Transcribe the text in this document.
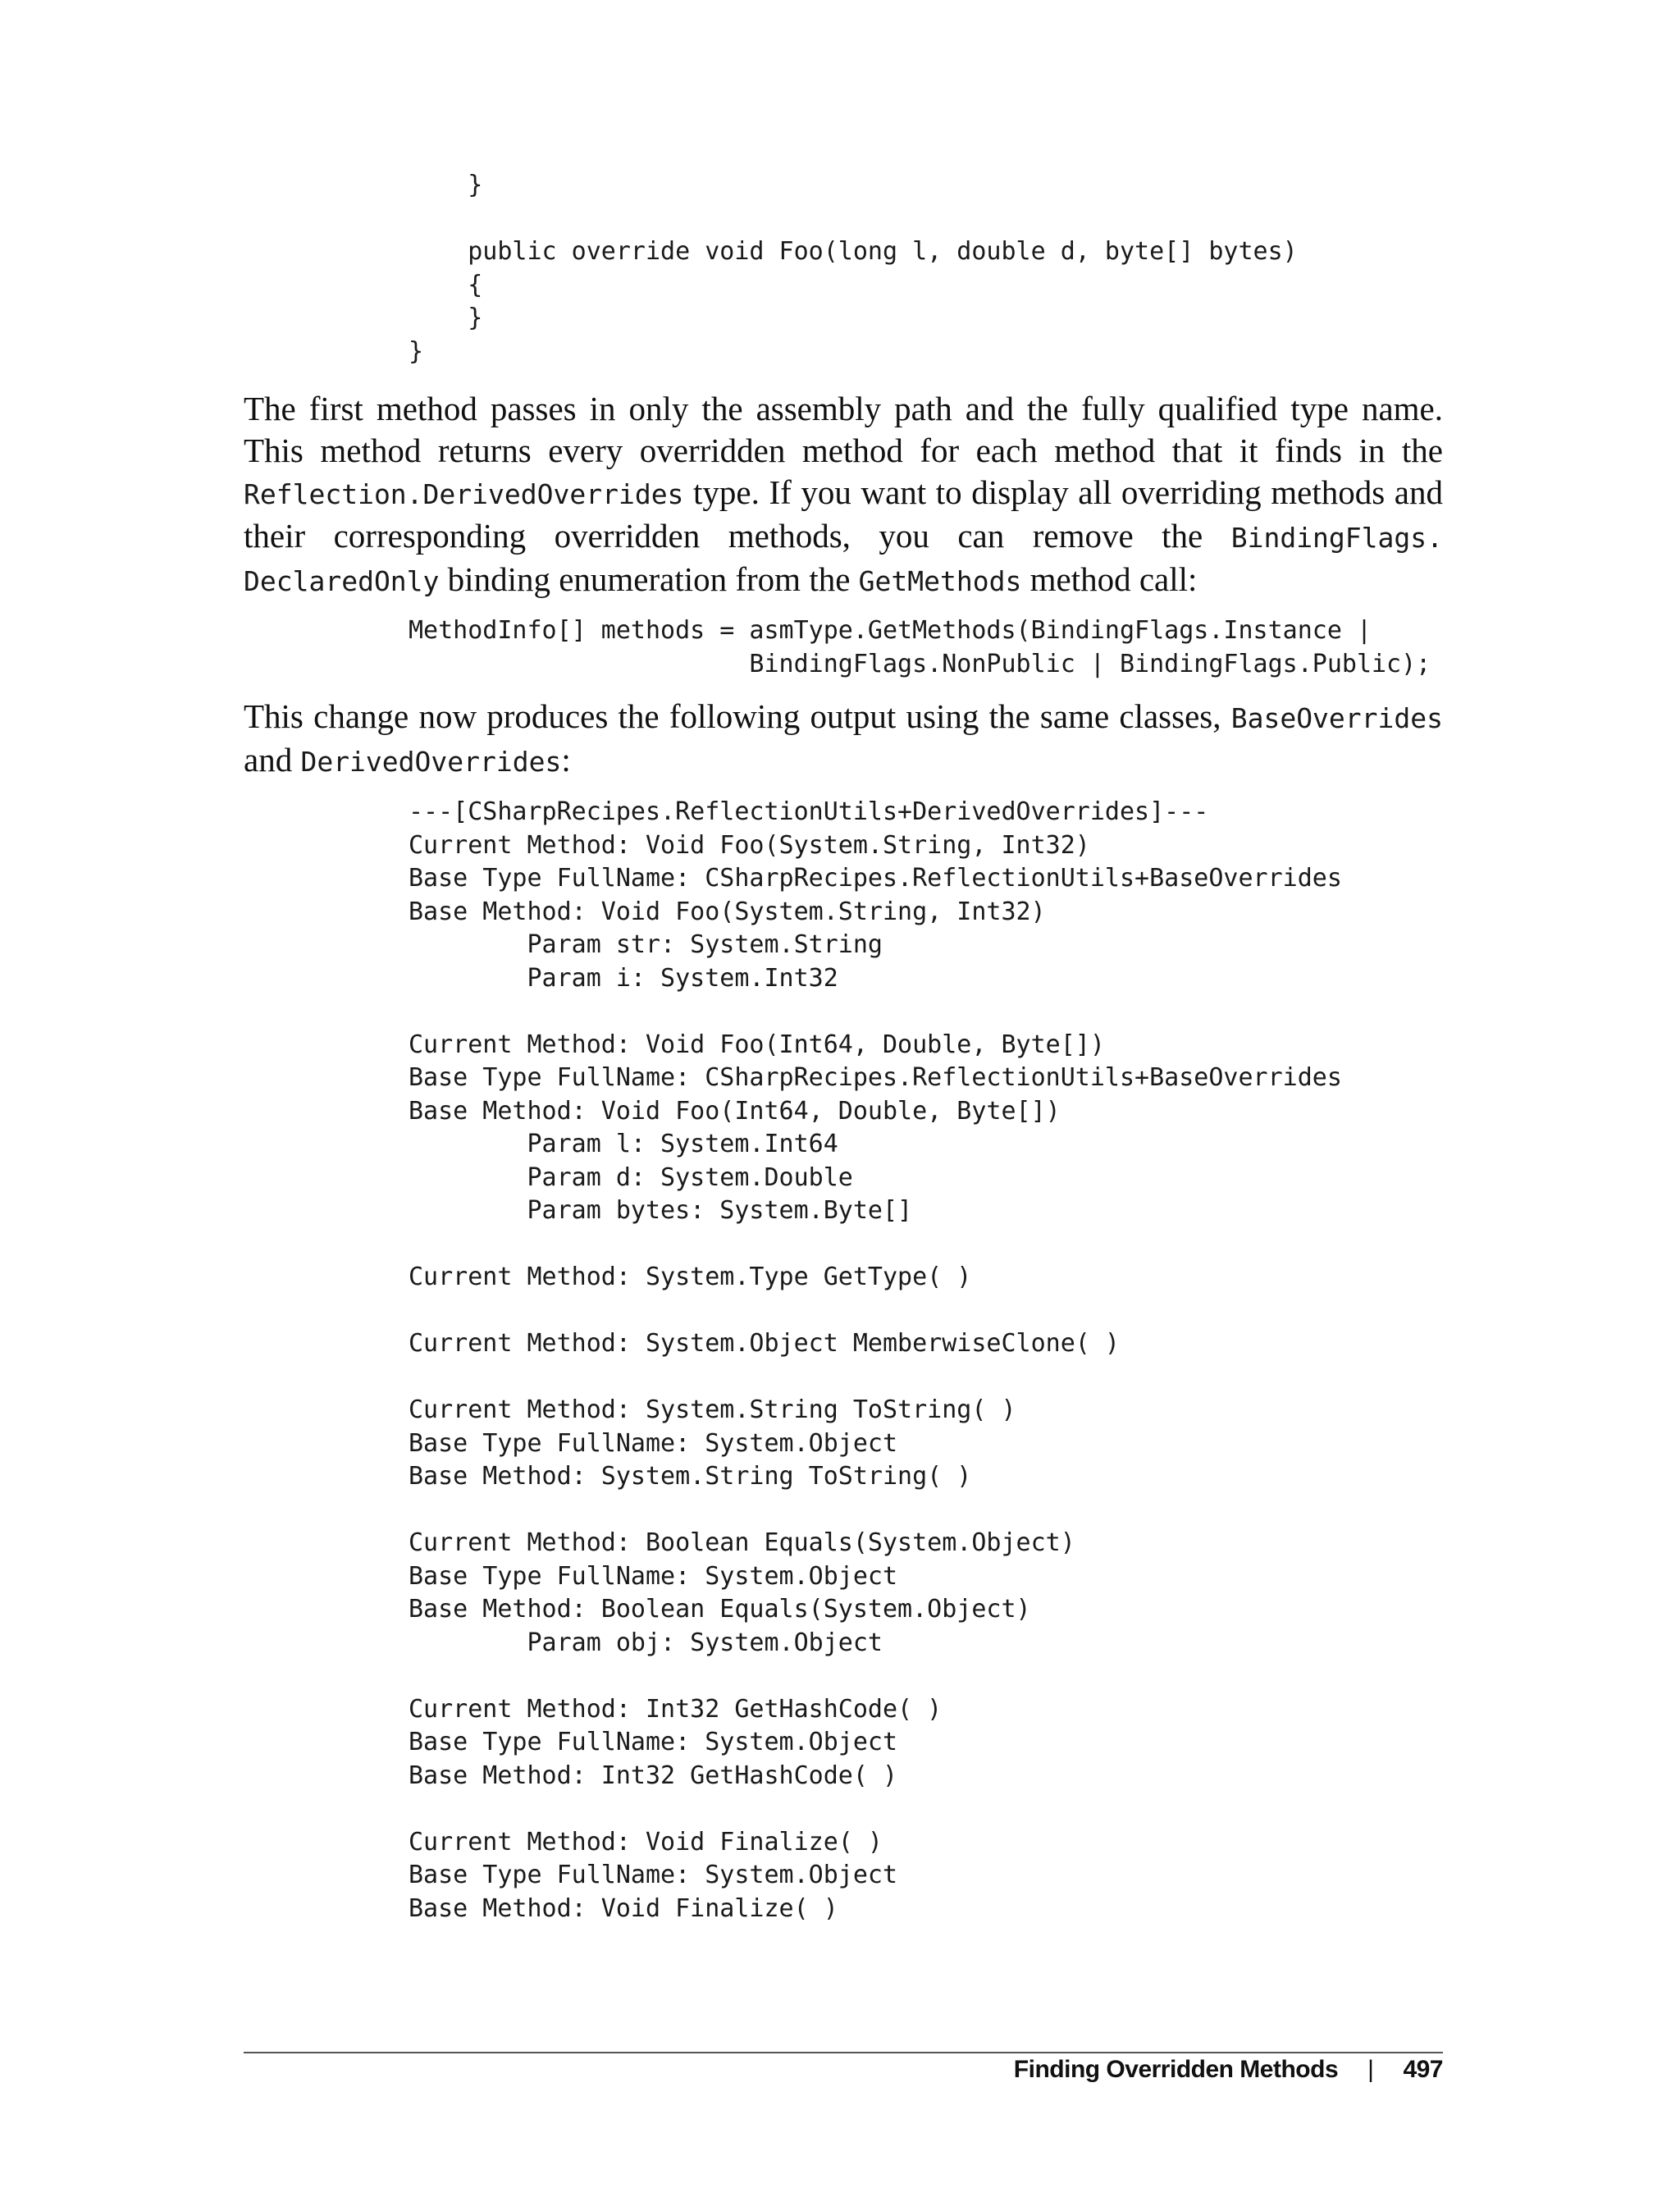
}

public override void Foo(long l, double d, byte[] bytes)
{
}
}

The first method passes in only the assembly path and the fully qualified type name. This method returns every overridden method for each method that it finds in the Reflection.DerivedOverrides type. If you want to display all overriding methods and their corresponding overridden methods, you can remove the BindingFlags. DeclaredOnly binding enumeration from the GetMethods method call:

MethodInfo[] methods = asmType.GetMethods(BindingFlags.Instance |
BindingFlags.NonPublic | BindingFlags.Public);

This change now produces the following output using the same classes, BaseOverrides and DerivedOverrides:

---[CSharpRecipes.ReflectionUtils+DerivedOverrides]---
Current Method: Void Foo(System.String, Int32)
Base Type FullName: CSharpRecipes.ReflectionUtils+BaseOverrides
Base Method: Void Foo(System.String, Int32)
Param str: System.String
Param i: System.Int32

Current Method: Void Foo(Int64, Double, Byte[])
Base Type FullName: CSharpRecipes.ReflectionUtils+BaseOverrides
Base Method: Void Foo(Int64, Double, Byte[])
Param l: System.Int64
Param d: System.Double
Param bytes: System.Byte[]

Current Method: System.Type GetType( )

Current Method: System.Object MemberwiseClone( )

Current Method: System.String ToString( )
Base Type FullName: System.Object
Base Method: System.String ToString( )

Current Method: Boolean Equals(System.Object)
Base Type FullName: System.Object
Base Method: Boolean Equals(System.Object)
Param obj: System.Object

Current Method: Int32 GetHashCode( )
Base Type FullName: System.Object
Base Method: Int32 GetHashCode( )

Current Method: Void Finalize( )
Base Type FullName: System.Object
Base Method: Void Finalize( )
Finding Overridden Methods | 497
